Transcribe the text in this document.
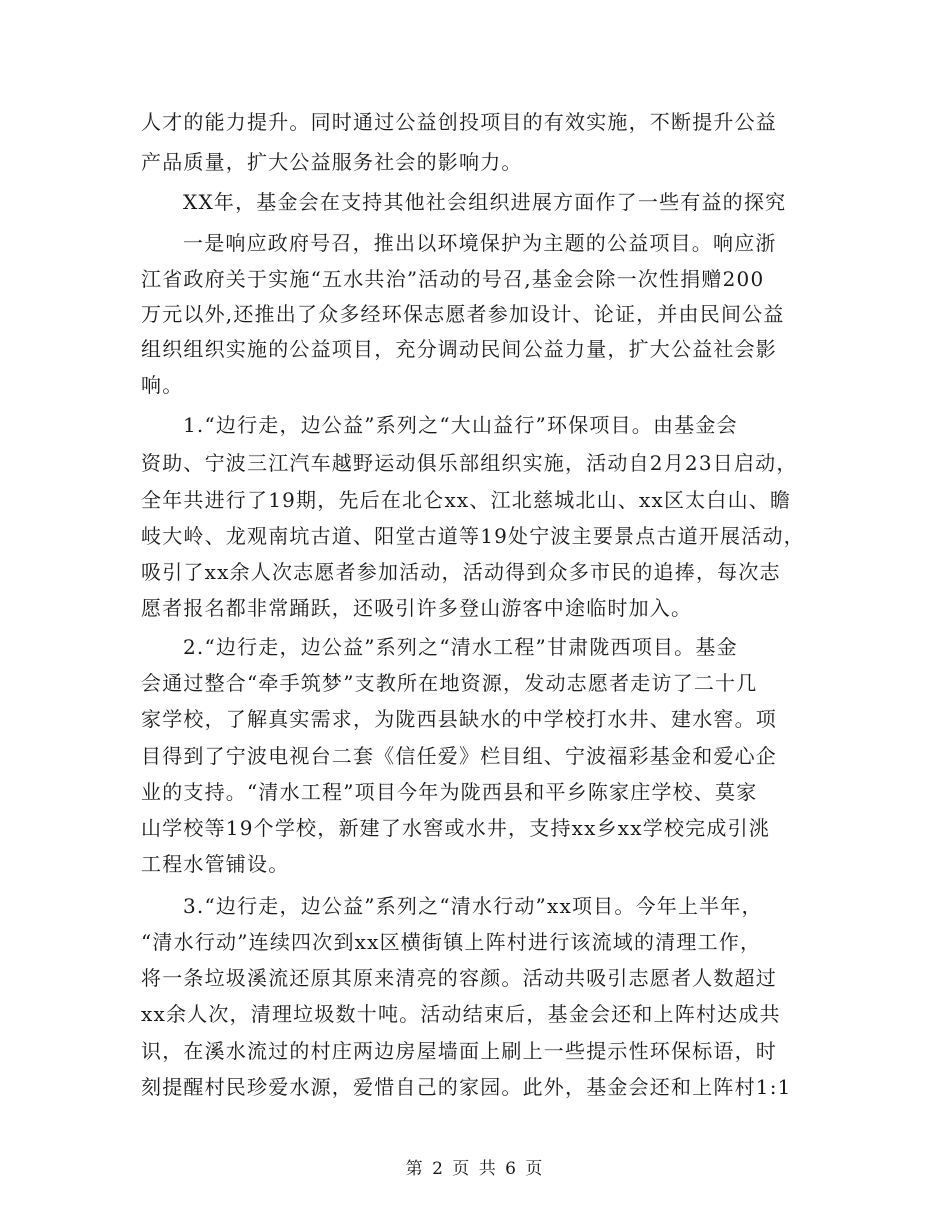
人才的能力提升。同时通过公益创投项目的有效实施，不断提升公益
产品质量，扩大公益服务社会的影响力。
XX年，基金会在支持其他社会组织进展方面作了一些有益的探究
一是响应政府号召，推出以环境保护为主题的公益项目。响应浙
江省政府关于实施“五水共治”活动的号召,基金会除一次性捐赠200
万元以外,还推出了众多经环保志愿者参加设计、论证，并由民间公益
组织组织实施的公益项目，充分调动民间公益力量，扩大公益社会影
响。
1.“边行走，边公益”系列之“大山益行”环保项目。由基金会
资助、宁波三江汽车越野运动俱乐部组织实施，活动自2月23日启动，
全年共进行了19期，先后在北仑xx、江北慈城北山、xx区太白山、瞻
岐大岭、龙观南坑古道、阳堂古道等19处宁波主要景点古道开展活动，
吸引了xx余人次志愿者参加活动，活动得到众多市民的追捧，每次志
愿者报名都非常踊跃，还吸引许多登山游客中途临时加入。
2.“边行走，边公益”系列之“清水工程”甘肃陇西项目。基金
会通过整合“牵手筑梦”支教所在地资源，发动志愿者走访了二十几
家学校，了解真实需求，为陇西县缺水的中学校打水井、建水窖。项
目得到了宁波电视台二套《信任爱》栏目组、宁波福彩基金和爱心企
业的支持。“清水工程”项目今年为陇西县和平乡陈家庄学校、莫家
山学校等19个学校，新建了水窖或水井，支持xx乡xx学校完成引洮
工程水管铺设。
3.“边行走，边公益”系列之“清水行动”xx项目。今年上半年，
“清水行动”连续四次到xx区横街镇上阵村进行该流域的清理工作，
将一条垃圾溪流还原其原来清亮的容颜。活动共吸引志愿者人数超过
xx余人次，清理垃圾数十吨。活动结束后，基金会还和上阵村达成共
识，在溪水流过的村庄两边房屋墙面上刷上一些提示性环保标语，时
刻提醒村民珍爱水源，爱惜自己的家园。此外，基金会还和上阵村1:1
第 2 页 共 6 页
